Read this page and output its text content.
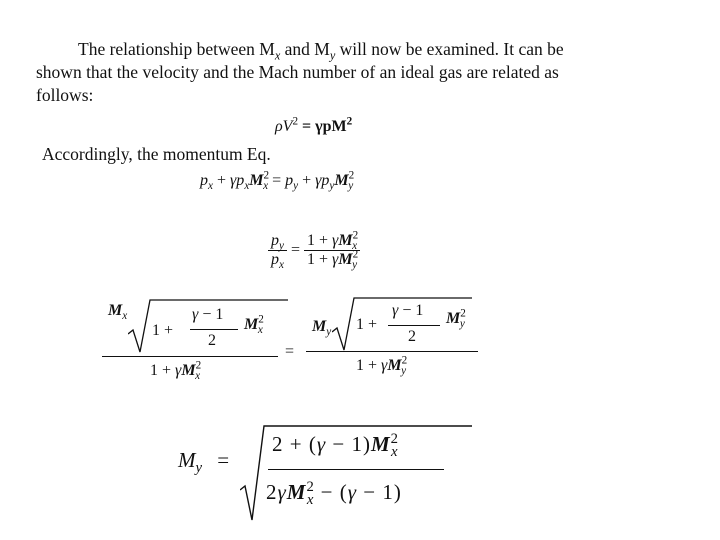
The relationship between $M_x$ and $M_y$ will now be examined. It can be
shown that the velocity and the Mach number of an ideal gas are related as
follows:
$\rho V^2 = \gamma pM^2$
Accordingly, the momentum Eq.
$p_x + \gamma p_xM^2_x = p_y + \gamma p_yM^2_y$
$\frac{p_y}{p_x} = \frac{1 + \gamma M^2_x}{1 + \gamma M^2_y}$
$M_x$
1 +
γ − 1
2
$M^2_x$
$1 + \gamma M^2_x$
=
$M_y$ 1 +
γ − 1
2
$M^2_y$
$1 + \gamma M^2_y$
$M_y$ =
$2 + (\gamma - 1)M^2_x$
$2\gamma M^2_x - (\gamma - 1)$
